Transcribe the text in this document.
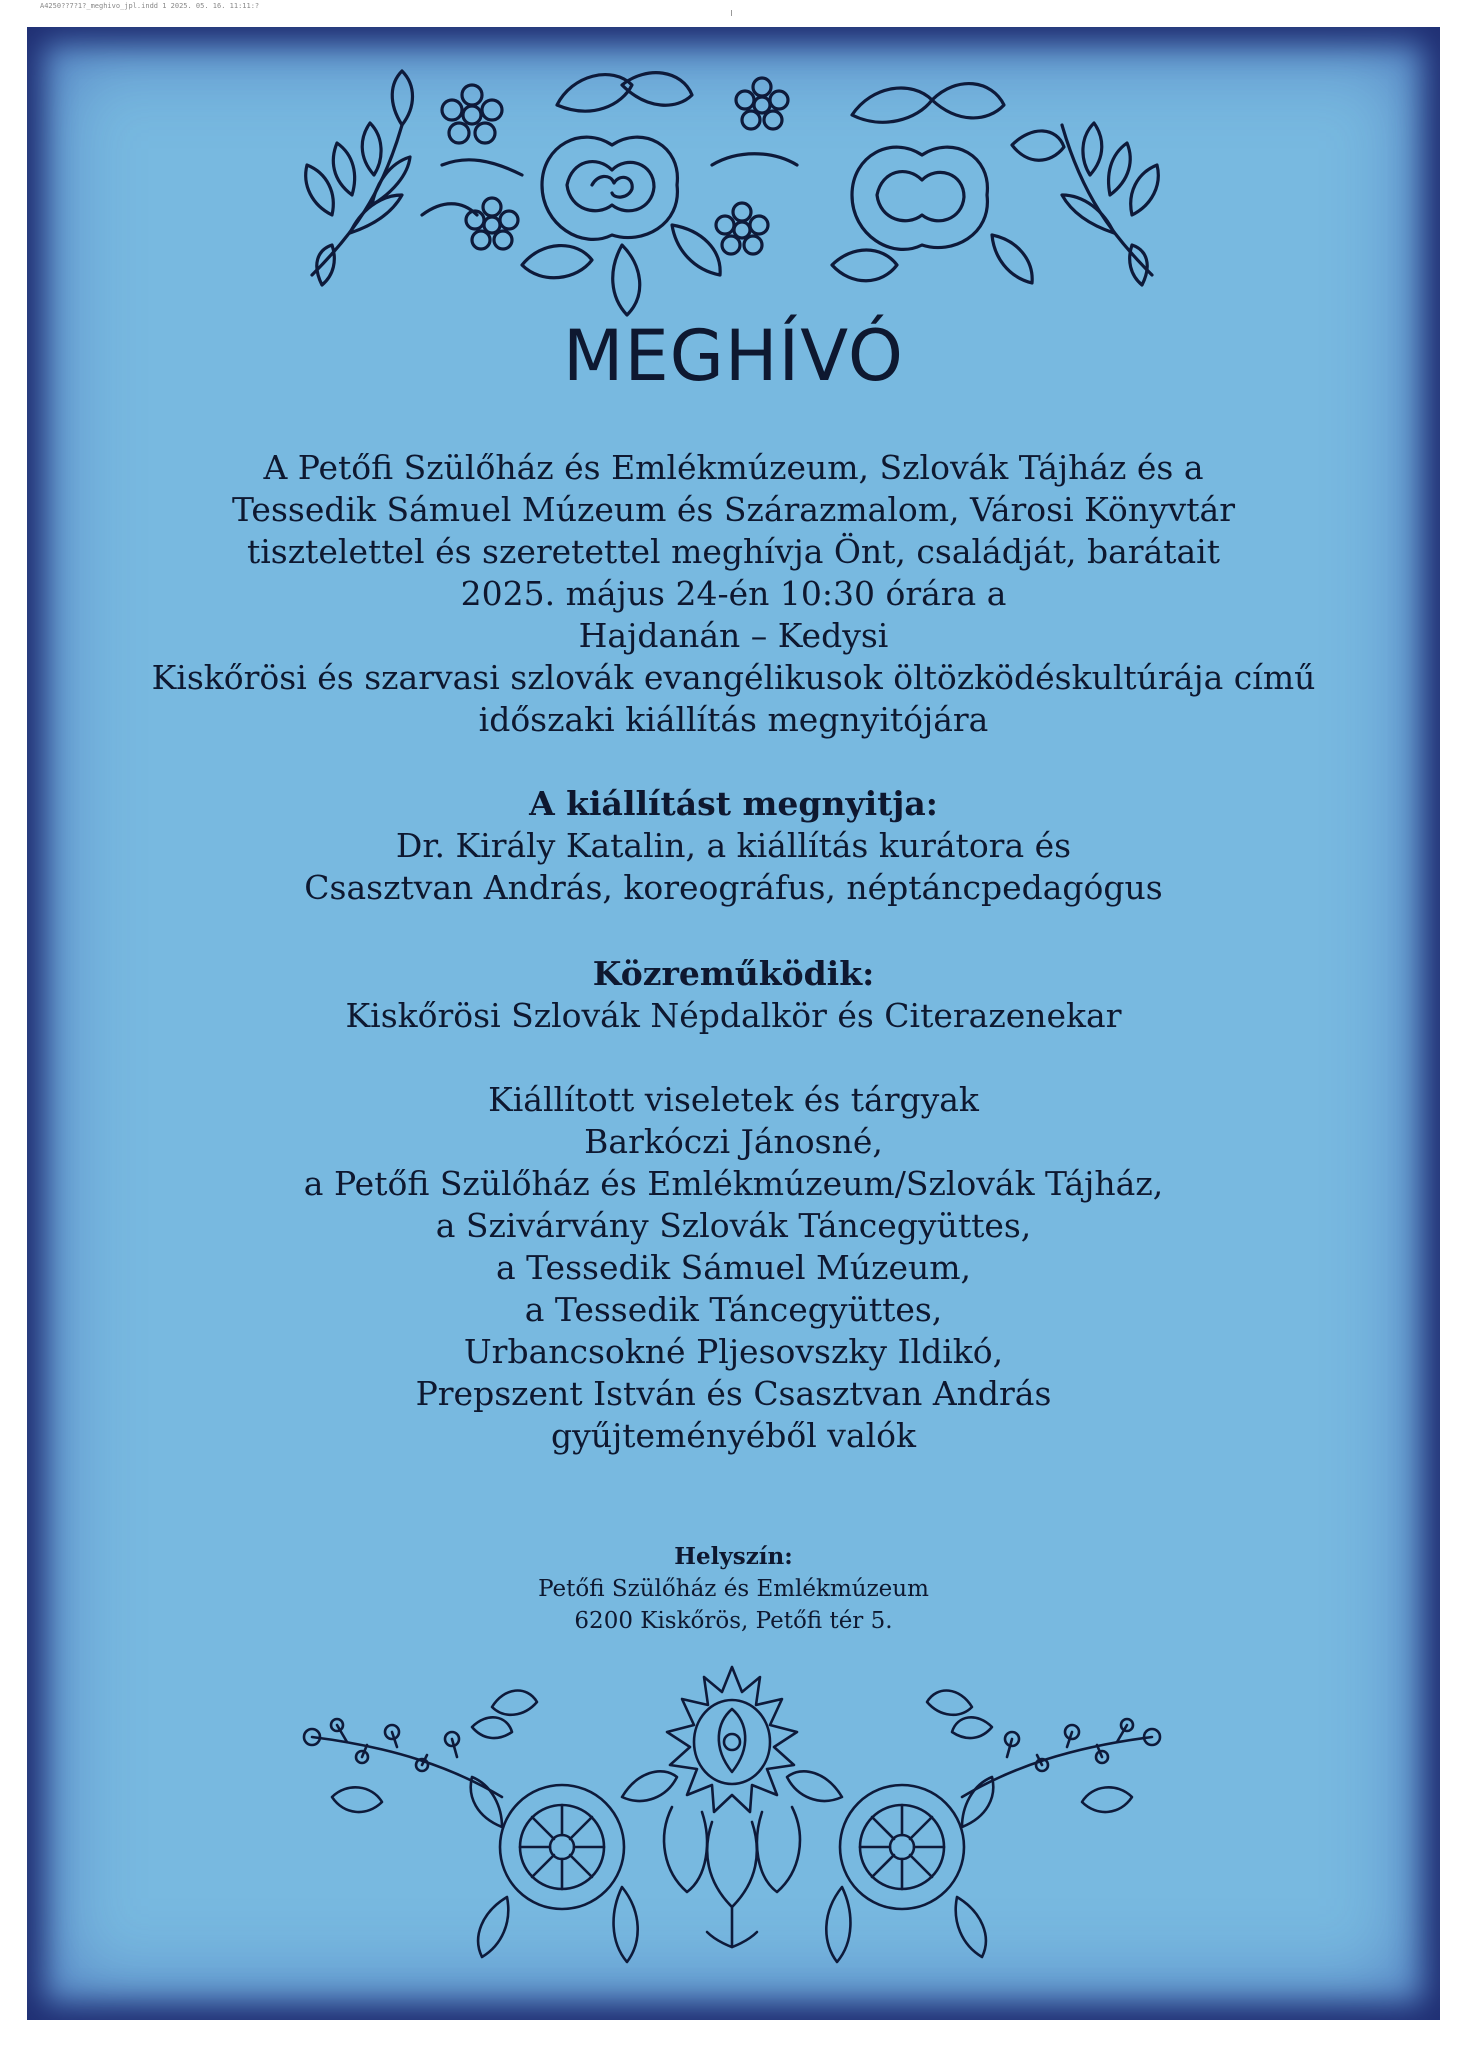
A4250??7?1?_meghivo_jpl.indd 1 2025. 05. 16. 11:11:?
MEGHÍVÓ
A Petőfi Szülőház és Emlékmúzeum, Szlovák Tájház és a
Tessedik Sámuel Múzeum és Szárazmalom, Városi Könyvtár
tisztelettel és szeretettel meghívja Önt, családját, barátait
2025. május 24-én 10:30 órára a
Hajdanán – Kedysi
Kiskőrösi és szarvasi szlovák evangélikusok öltözködéskultúrája című
időszaki kiállítás megnyitójára
A kiállítást megnyitja:
Dr. Király Katalin, a kiállítás kurátora és
Csasztvan András, koreográfus, néptáncpedagógus
Közreműködik:
Kiskőrösi Szlovák Népdalkör és Citerazenekar
Kiállított viseletek és tárgyak
Barkóczi Jánosné,
a Petőfi Szülőház és Emlékmúzeum/Szlovák Tájház,
a Szivárvány Szlovák Táncegyüttes,
a Tessedik Sámuel Múzeum,
a Tessedik Táncegyüttes,
Urbancsokné Pljesovszky Ildikó,
Prepszent István és Csasztvan András
gyűjteményéből valók
Helyszín:
Petőfi Szülőház és Emlékmúzeum
6200 Kiskőrös, Petőfi tér 5.
